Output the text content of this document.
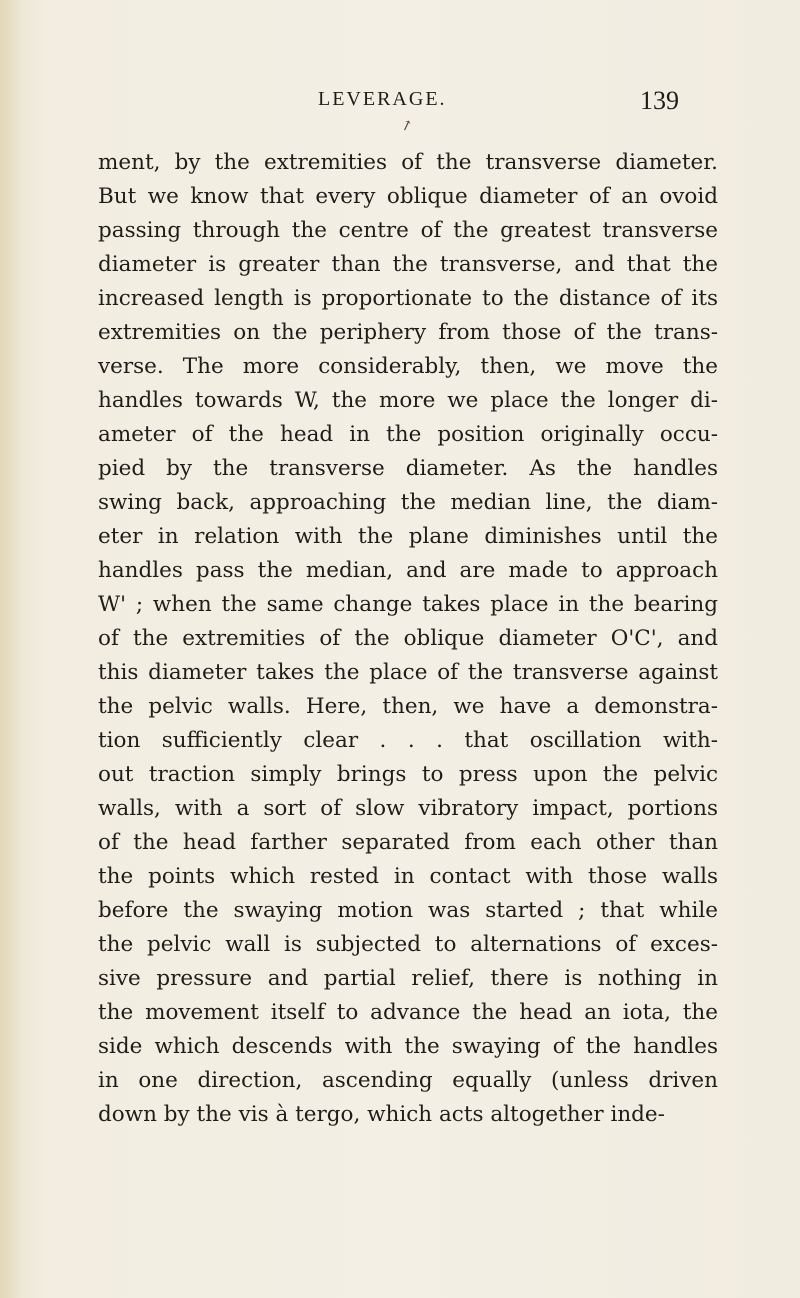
LEVERAGE.	139
↗
ment, by the extremities of the transverse diameter.
But we know that every oblique diameter of an ovoid
passing through the centre of the greatest transverse
diameter is greater than the transverse, and that the
increased length is proportionate to the distance of its
extremities on the periphery from those of the trans-
verse. The more considerably, then, we move the
handles towards W, the more we place the longer di-
ameter of the head in the position originally occu-
pied by the transverse diameter. As the handles
swing back, approaching the median line, the diam-
eter in relation with the plane diminishes until the
handles pass the median, and are made to approach
W' ; when the same change takes place in the bearing
of the extremities of the oblique diameter O'C', and
this diameter takes the place of the transverse against
the pelvic walls. Here, then, we have a demonstra-
tion sufficiently clear . . . that oscillation with-
out traction simply brings to press upon the pelvic
walls, with a sort of slow vibratory impact, portions
of the head farther separated from each other than
the points which rested in contact with those walls
before the swaying motion was started ; that while
the pelvic wall is subjected to alternations of exces-
sive pressure and partial relief, there is nothing in
the movement itself to advance the head an iota, the
side which descends with the swaying of the handles
in one direction, ascending equally (unless driven
down by the vis à tergo, which acts altogether inde-
